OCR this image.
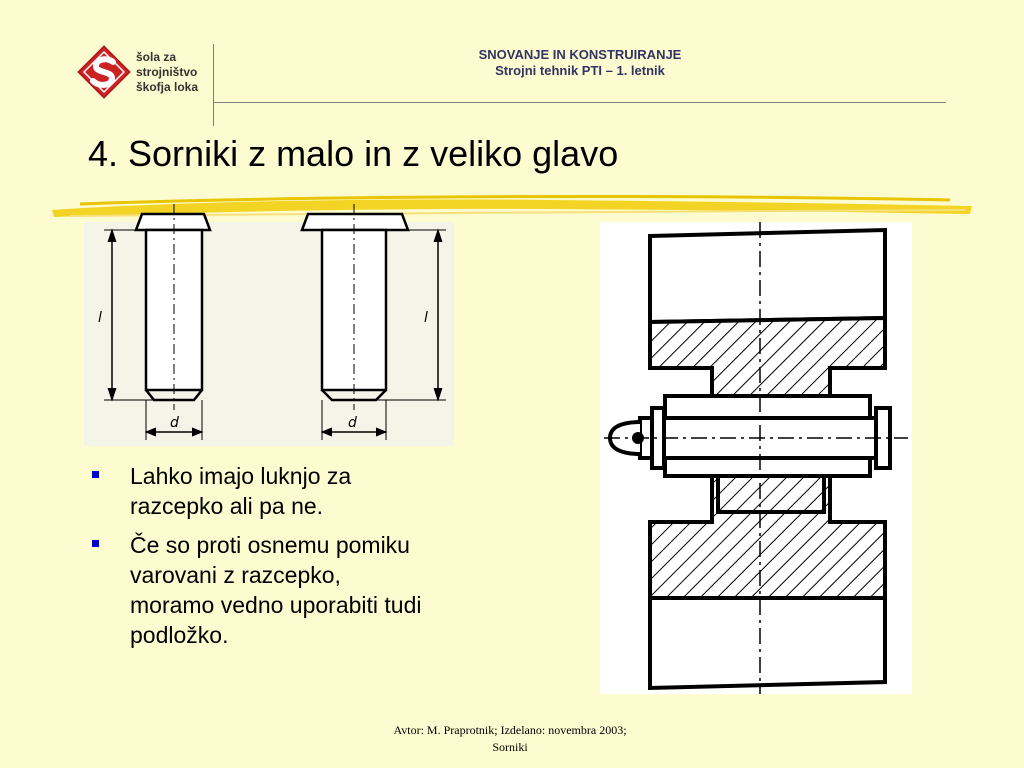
šola za
strojništvo
škofja loka
SNOVANJE IN KONSTRUIRANJE
Strojni tehnik PTI – 1. letnik
4. Sorniki z malo in z veliko glavo
l	l
d	d
Lahko imajo luknjo za razcepko ali pa ne.
Če so proti osnemu pomiku varovani z razcepko, moramo vedno uporabiti tudi podložko.
Avtor: M. Praprotnik; Izdelano: novembra 2003;
Sorniki
